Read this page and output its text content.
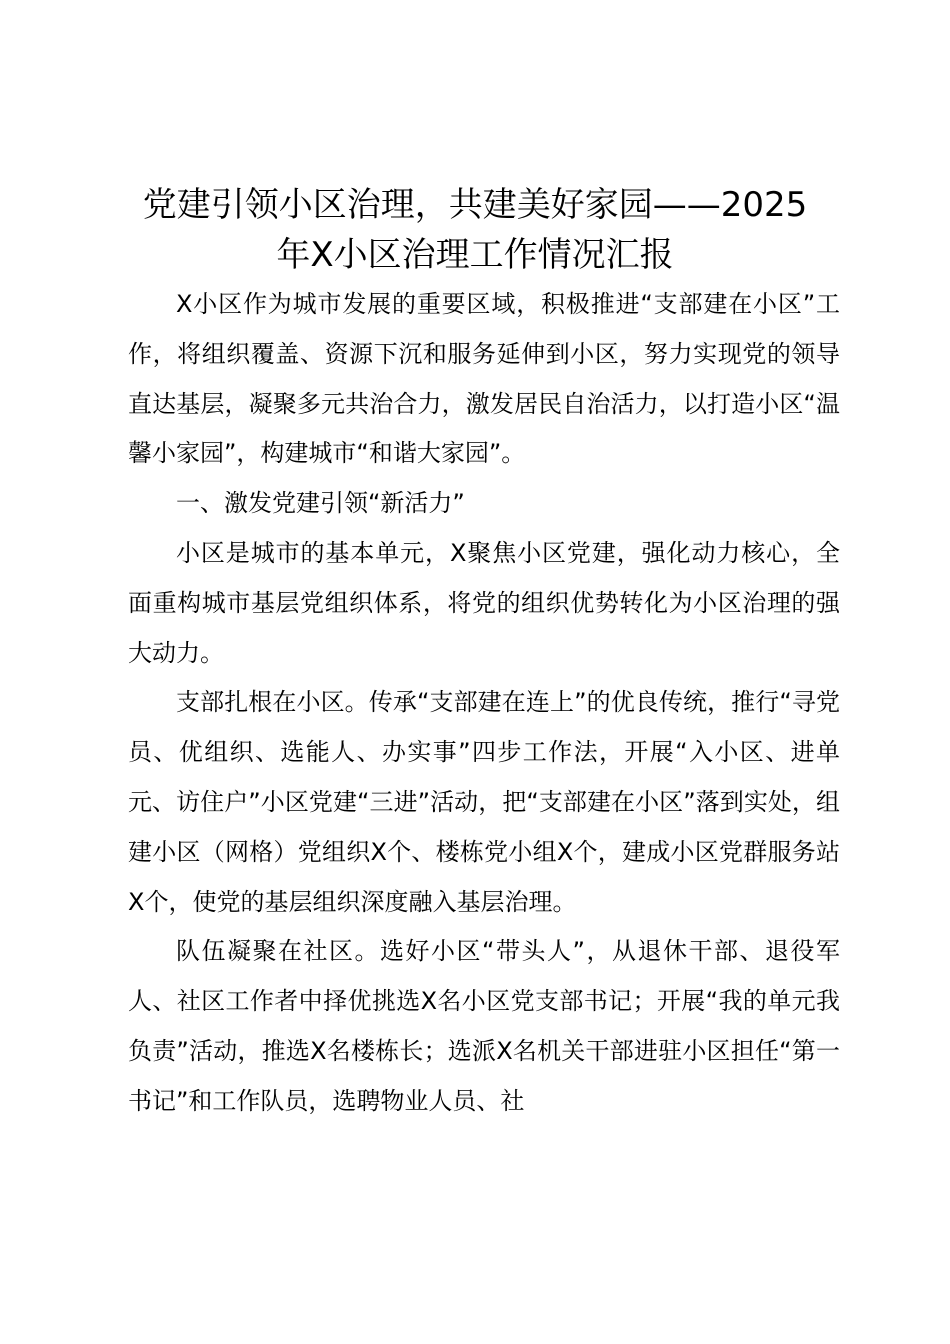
党建引领小区治理，共建美好家园——2025
年X小区治理工作情况汇报

X小区作为城市发展的重要区域，积极推进“支部建在小区”工作，将组织覆盖、资源下沉和服务延伸到小区，努力实现党的领导直达基层，凝聚多元共治合力，激发居民自治活力，以打造小区“温馨小家园”，构建城市“和谐大家园”。

一、激发党建引领“新活力”

小区是城市的基本单元，X聚焦小区党建，强化动力核心，全面重构城市基层党组织体系，将党的组织优势转化为小区治理的强大动力。

支部扎根在小区。传承“支部建在连上”的优良传统，推行“寻党员、优组织、选能人、办实事”四步工作法，开展“入小区、进单元、访住户”小区党建“三进”活动，把“支部建在小区”落到实处，组建小区（网格）党组织X个、楼栋党小组X个，建成小区党群服务站X个，使党的基层组织深度融入基层治理。

队伍凝聚在社区。选好小区“带头人”，从退休干部、退役军人、社区工作者中择优挑选X名小区党支部书记；开展“我的单元我负责”活动，推选X名楼栋长；选派X名机关干部进驻小区担任“第一书记”和工作队员，选聘物业人员、社
